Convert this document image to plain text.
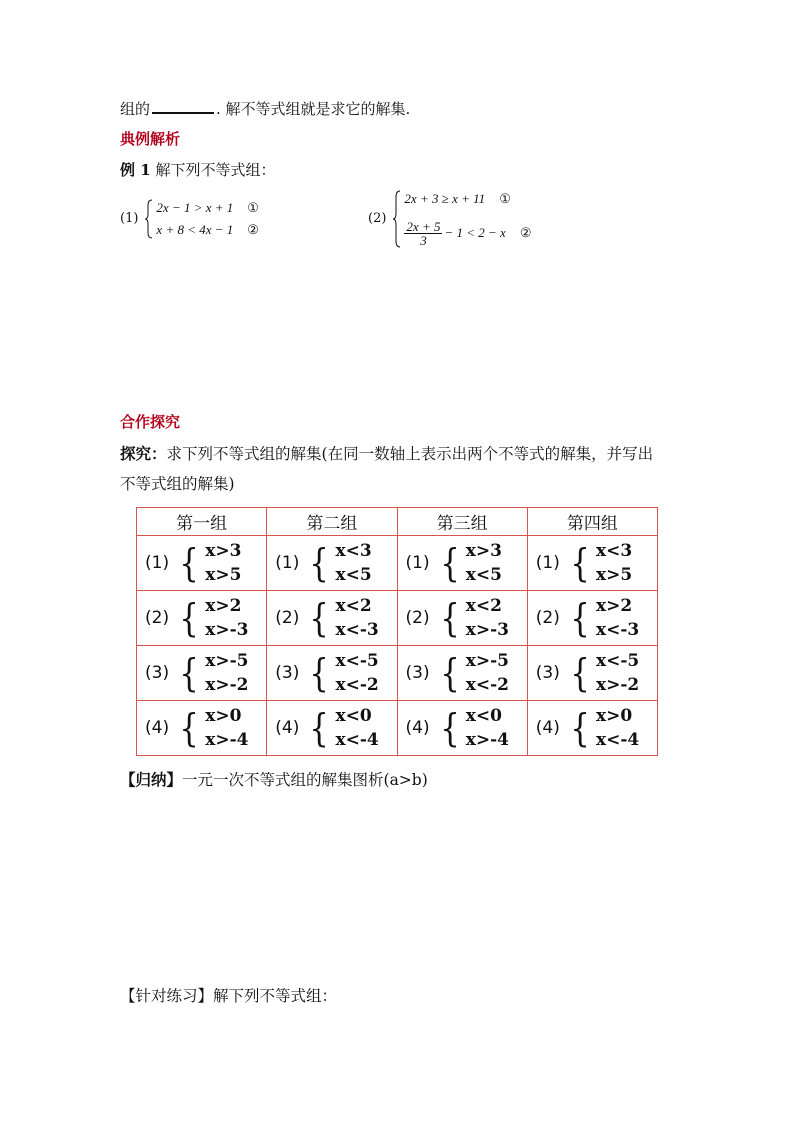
组的	. 解不等式组就是求它的解集.
典例解析
例 1 解下列不等式组：
(1)
2x − 1 > x + 1 ①
x + 8 < 4x − 1 ②
(2)
2x + 3 ≥ x + 11 ①
$\frac{2x + 5}{3} - 1 < 2 - x$ ②
合作探究
探究：求下列不等式组的解集(在同一数轴上表示出两个不等式的解集，并写出
不等式组的解集)
第一组	第二组	第三组	第四组

(1) { x>3
x>5	(1) { x<3
x<5	(1) { x>3
x<5	(1) { x<3
x>5

(2) { x>2
x>-3	(2) { x<2
x<-3	(2) { x<2
x>-3	(2) { x>2
x<-3

(3) { x>-5
x>-2	(3) { x<-5
x<-2	(3) { x>-5
x<-2	(3) { x<-5
x>-2

(4) { x>0
x>-4	(4) { x<0
x<-4	(4) { x<0
x>-4	(4) { x>0
x<-4
【归纳】一元一次不等式组的解集图析(a>b)
【针对练习】解下列不等式组：
